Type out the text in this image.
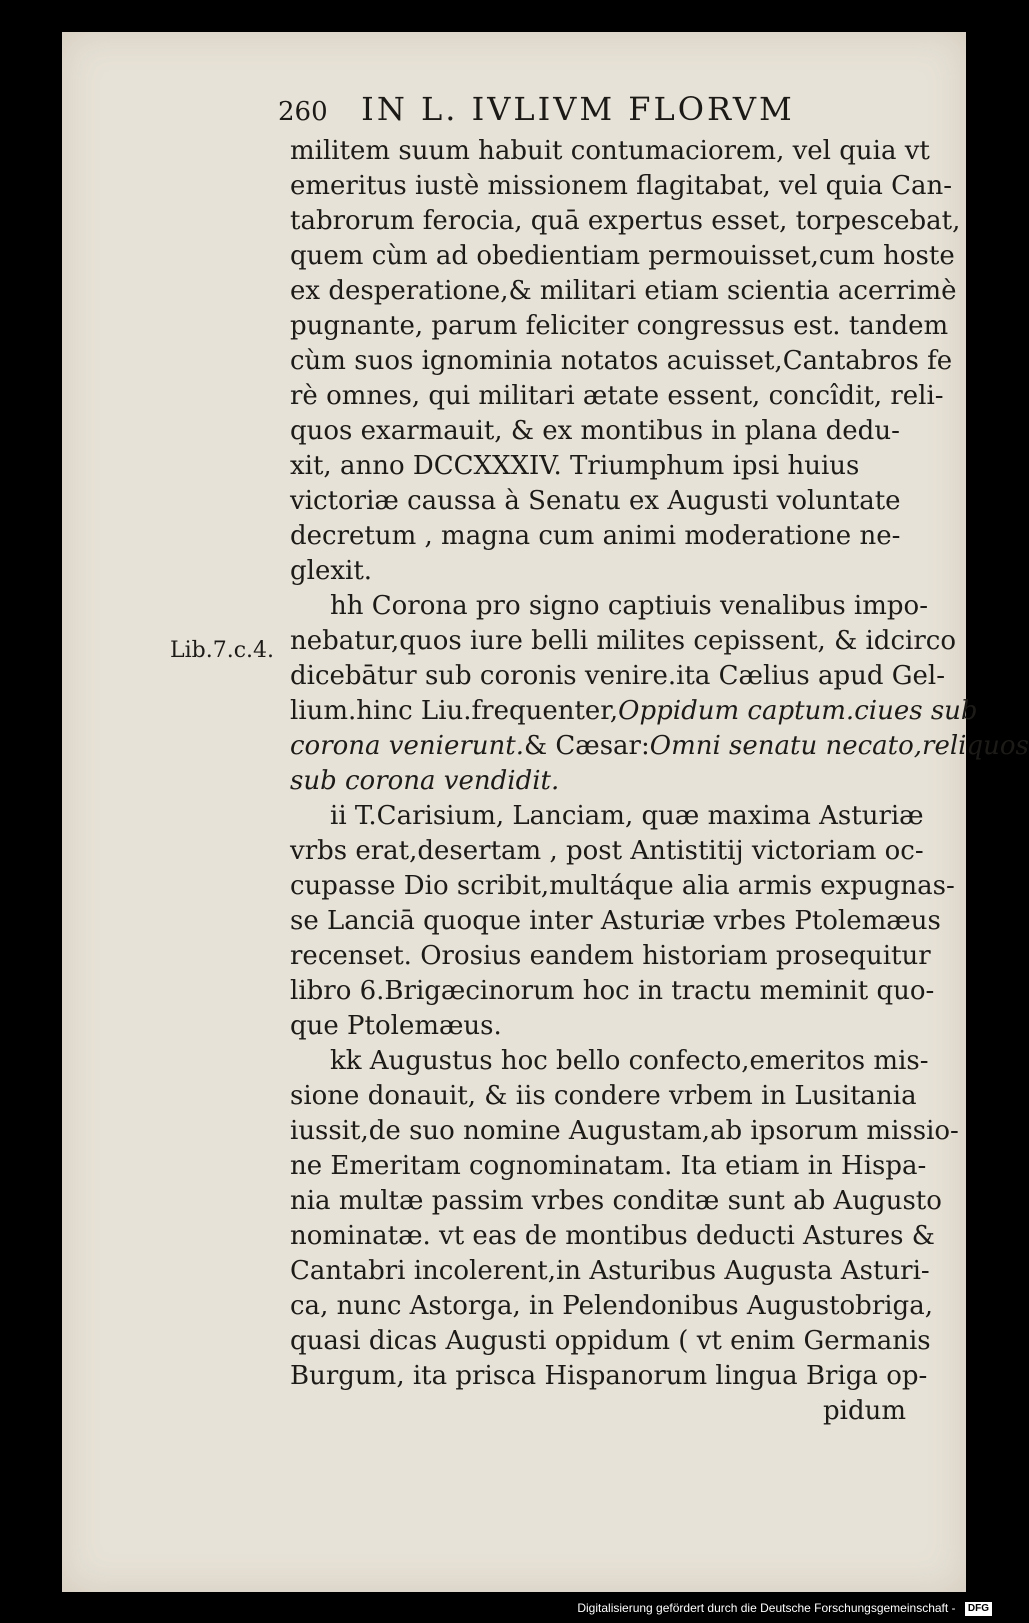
260 IN L. IVLIVM FLORVM
Lib.7.c.4.
militem suum habuit contumaciorem, vel quia vt
emeritus iustè missionem flagitabat, vel quia Can-
tabrorum ferocia, quā expertus esset, torpescebat,
quem cùm ad obedientiam permouisset,cum hoste
ex desperatione,& militari etiam scientia acerrimè
pugnante, parum feliciter congressus est. tandem
cùm suos ignominia notatos acuisset,Cantabros fe
rè omnes, qui militari ætate essent, concîdit, reli-
quos exarmauit, & ex montibus in plana dedu-
xit, anno DCCXXXIV. Triumphum ipsi huius
victoriæ caussa à Senatu ex Augusti voluntate
decretum , magna cum animi moderatione ne-
glexit.
hh Corona pro signo captiuis venalibus impo-
nebatur,quos iure belli milites cepissent, & idcirco
dicebātur sub coronis venire.ita Cælius apud Gel-
lium.hinc Liu.frequenter,Oppidum captum.ciues sub
corona venierunt.& Cæsar:Omni senatu necato,reliquos
sub corona vendidit.
ii T.Carisium, Lanciam, quæ maxima Asturiæ
vrbs erat,desertam , post Antistitij victoriam oc-
cupasse Dio scribit,multáque alia armis expugnas-
se Lanciā quoque inter Asturiæ vrbes Ptolemæus
recenset. Orosius eandem historiam prosequitur
libro 6.Brigæcinorum hoc in tractu meminit quo-
que Ptolemæus.
kk Augustus hoc bello confecto,emeritos mis-
sione donauit, & iis condere vrbem in Lusitania
iussit,de suo nomine Augustam,ab ipsorum missio-
ne Emeritam cognominatam. Ita etiam in Hispa-
nia multæ passim vrbes conditæ sunt ab Augusto
nominatæ. vt eas de montibus deducti Astures &
Cantabri incolerent,in Asturibus Augusta Asturi-
ca, nunc Astorga, in Pelendonibus Augustobriga,
quasi dicas Augusti oppidum ( vt enim Germanis
Burgum, ita prisca Hispanorum lingua Briga op-
pidum
Digitalisierung gefördert durch die Deutsche Forschungsgemeinschaft - DFG
